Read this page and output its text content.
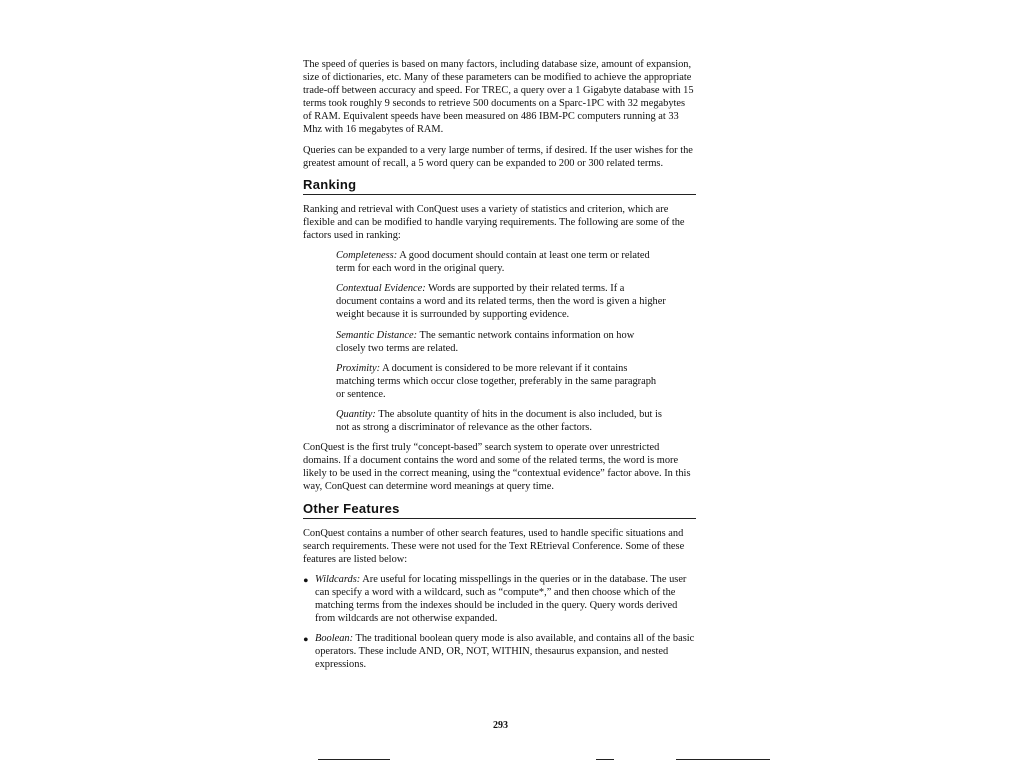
The speed of queries is based on many factors, including database size, amount of expansion, size of dictionaries, etc. Many of these parameters can be modified to achieve the appropriate trade-off between accuracy and speed. For TREC, a query over a 1 Gigabyte database with 15 terms took roughly 9 seconds to retrieve 500 documents on a Sparc-1PC with 32 megabytes of RAM. Equivalent speeds have been measured on 486 IBM-PC computers running at 33 Mhz with 16 megabytes of RAM.

Queries can be expanded to a very large number of terms, if desired. If the user wishes for the greatest amount of recall, a 5 word query can be expanded to 200 or 300 related terms.

Ranking

Ranking and retrieval with ConQuest uses a variety of statistics and criterion, which are flexible and can be modified to handle varying requirements. The following are some of the factors used in ranking:

Completeness: A good document should contain at least one term or related term for each word in the original query.

Contextual Evidence: Words are supported by their related terms. If a document contains a word and its related terms, then the word is given a higher weight because it is surrounded by supporting evidence.

Semantic Distance: The semantic network contains information on how closely two terms are related.

Proximity: A document is considered to be more relevant if it contains matching terms which occur close together, preferably in the same paragraph or sentence.

Quantity: The absolute quantity of hits in the document is also included, but is not as strong a discriminator of relevance as the other factors.

ConQuest is the first truly “concept-based” search system to operate over unrestricted domains. If a document contains the word and some of the related terms, the word is more likely to be used in the correct meaning, using the “contextual evidence” factor above. In this way, ConQuest can determine word meanings at query time.

Other Features

ConQuest contains a number of other search features, used to handle specific situations and search requirements. These were not used for the Text REtrieval Conference. Some of these features are listed below:

• Wildcards: Are useful for locating misspellings in the queries or in the database. The user can specify a word with a wildcard, such as “compute*,” and then choose which of the matching terms from the indexes should be included in the query. Query words derived from wildcards are not otherwise expanded.

• Boolean: The traditional boolean query mode is also available, and contains all of the basic operators. These include AND, OR, NOT, WITHIN, thesaurus expansion, and nested expressions.

293
